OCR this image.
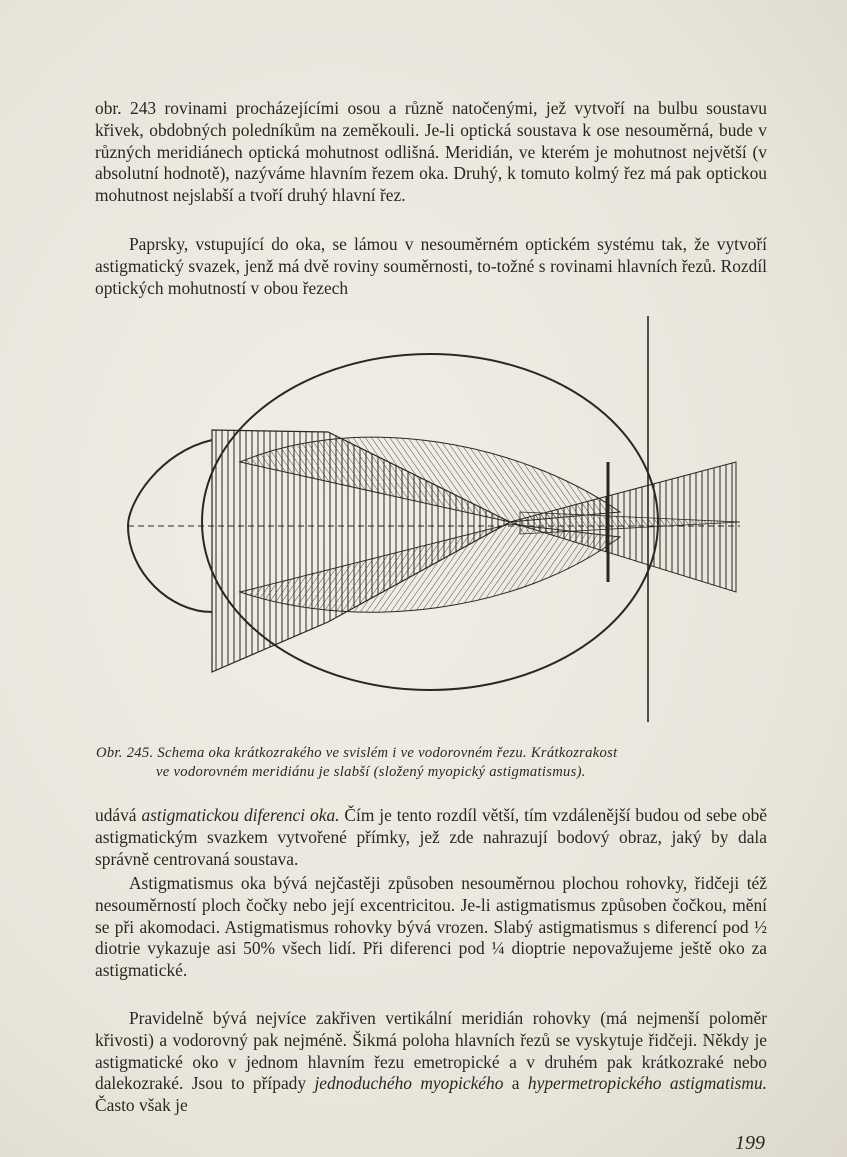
obr. 243 rovinami procházejícími osou a různě natočenými, jež vytvoří na bulbu soustavu křivek, obdobných poledníkům na zeměkouli. Je-li optická soustava k ose nesouměrná, bude v různých meridiánech optická mohutnost odlišná. Meridián, ve kterém je mohutnost největší (v absolutní hodnotě), nazýváme hlavním řezem oka. Druhý, k tomuto kolmý řez má pak optickou mohutnost nejslabší a tvoří druhý hlavní řez.

Paprsky, vstupující do oka, se lámou v nesouměrném optickém systému tak, že vytvoří astigmatický svazek, jenž má dvě roviny souměrnosti, to-tožné s rovinami hlavních řezů. Rozdíl optických mohutností v obou řezech

Obr. 245. Schema oka krátkozrakého ve svislém i ve vodorovném řezu. Krátkozrakost
ve vodorovném meridiánu je slabší (složený myopický astigmatismus).

udává astigmatickou diferenci oka. Čím je tento rozdíl větší, tím vzdálenější budou od sebe obě astigmatickým svazkem vytvořené přímky, jež zde nahrazují bodový obraz, jaký by dala správně centrovaná soustava.

Astigmatismus oka bývá nejčastěji způsoben nesouměrnou plochou rohovky, řidčeji též nesouměrností ploch čočky nebo její excentricitou. Je-li astigmatismus způsoben čočkou, mění se při akomodaci. Astigmatismus rohovky bývá vrozen. Slabý astigmatismus s diferencí pod ½ diotrie vykazuje asi 50% všech lidí. Při diferenci pod ¼ dioptrie nepovažujeme ještě oko za astigmatické.

Pravidelně bývá nejvíce zakřiven vertikální meridián rohovky (má nejmenší poloměr křivosti) a vodorovný pak nejméně. Šikmá poloha hlavních řezů se vyskytuje řidčeji. Někdy je astigmatické oko v jednom hlavním řezu emetropické a v druhém pak krátkozraké nebo dalekozraké. Jsou to případy jednoduchého myopického a hypermetropického astigmatismu. Často však je

199
